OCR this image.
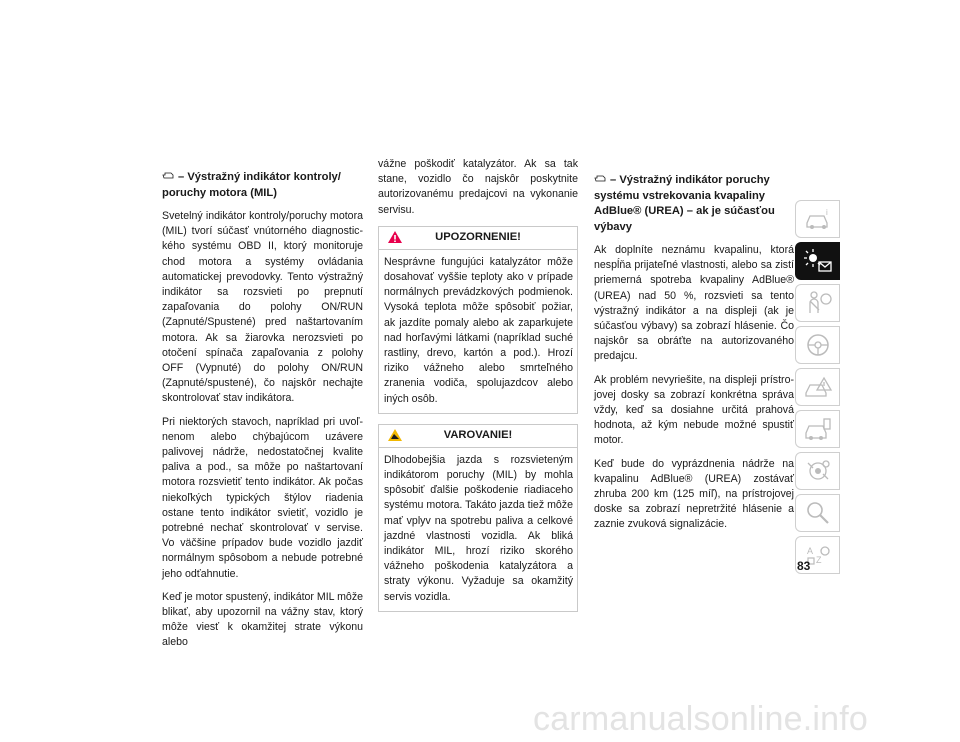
– Výstražný indikátor kontroly/ poruchy motora (MIL)

Svetelný indikátor kontroly/poruchy motora (MIL) tvorí súčasť vnútorného diagnostického systému OBD II, ktorý monitoruje chod motora a systémy ovládania automatickej prevodovky. Tento výstražný indikátor sa rozsvieti po prepnutí zapaľovania do polohy ON/RUN (Zapnuté/Spustené) pred naštartovaním motora. Ak sa žiarovka nerozsvieti po otočení spínača zapaľovania z polohy OFF (Vypnuté) do polohy ON/RUN (Zapnuté/spustené), čo najskôr nechajte skontrolovať stav indikátora.

Pri niektorých stavoch, napríklad pri uvoľnenom alebo chýbajúcom uzávere palivovej nádrže, nedostatočnej kvalite paliva a pod., sa môže po naštartovaní motora rozsvietiť tento indikátor. Ak počas niekoľkých typických štýlov riadenia ostane tento indikátor svietiť, vozidlo je potrebné nechať skontrolovať v servise. Vo väčšine prípadov bude vozidlo jazdiť normálnym spôsobom a nebude potrebné jeho odťahnutie.

Keď je motor spustený, indikátor MIL môže blikať, aby upozornil na vážny stav, ktorý môže viesť k okamžitej strate výkonu alebo

vážne poškodiť katalyzátor. Ak sa tak stane, vozidlo čo najskôr poskytnite autorizovanému predajcovi na vykonanie servisu.

UPOZORNENIE!

Nesprávne fungujúci katalyzátor môže dosahovať vyššie teploty ako v prípade normálnych prevádzkových podmienok. Vysoká teplota môže spôsobiť požiar, ak jazdíte pomaly alebo ak zaparkujete nad horľavými látkami (napríklad suché rastliny, drevo, kartón a pod.). Hrozí riziko vážneho alebo smrteľného zranenia vodiča, spolujazdcov alebo iných osôb.

VAROVANIE!

Dlhodobejšia jazda s rozsvieteným indikátorom poruchy (MIL) by mohla spôsobiť ďalšie poškodenie riadiaceho systému motora. Takáto jazda tiež môže mať vplyv na spotrebu paliva a celkové jazdné vlastnosti vozidla. Ak bliká indikátor MIL, hrozí riziko skorého vážneho poškodenia katalyzátora a straty výkonu. Vyžaduje sa okamžitý servis vozidla.

– Výstražný indikátor poruchy systému vstrekovania kvapaliny AdBlue® (UREA) – ak je súčasťou výbavy

Ak doplníte neznámu kvapalinu, ktorá nespĺňa prijateľné vlastnosti, alebo sa zistí priemerná spotreba kvapaliny AdBlue® (UREA) nad 50 %, rozsvieti sa tento výstražný indikátor a na displeji (ak je súčasťou výbavy) sa zobrazí hlásenie. Čo najskôr sa obráťte na autorizovaného predajcu.

Ak problém nevyriešite, na displeji prístrojovej dosky sa zobrazí konkrétna správa vždy, keď sa dosiahne určitá prahová hodnota, až kým nebude možné spustiť motor.

Keď bude do vyprázdnenia nádrže na kvapalinu AdBlue® (UREA) zostávať zhruba 200 km (125 míľ), na prístrojovej doske sa zobrazí nepretržité hlásenie a zaznie zvuková signalizácie.

i
A
Z
83
carmanualsonline.info
